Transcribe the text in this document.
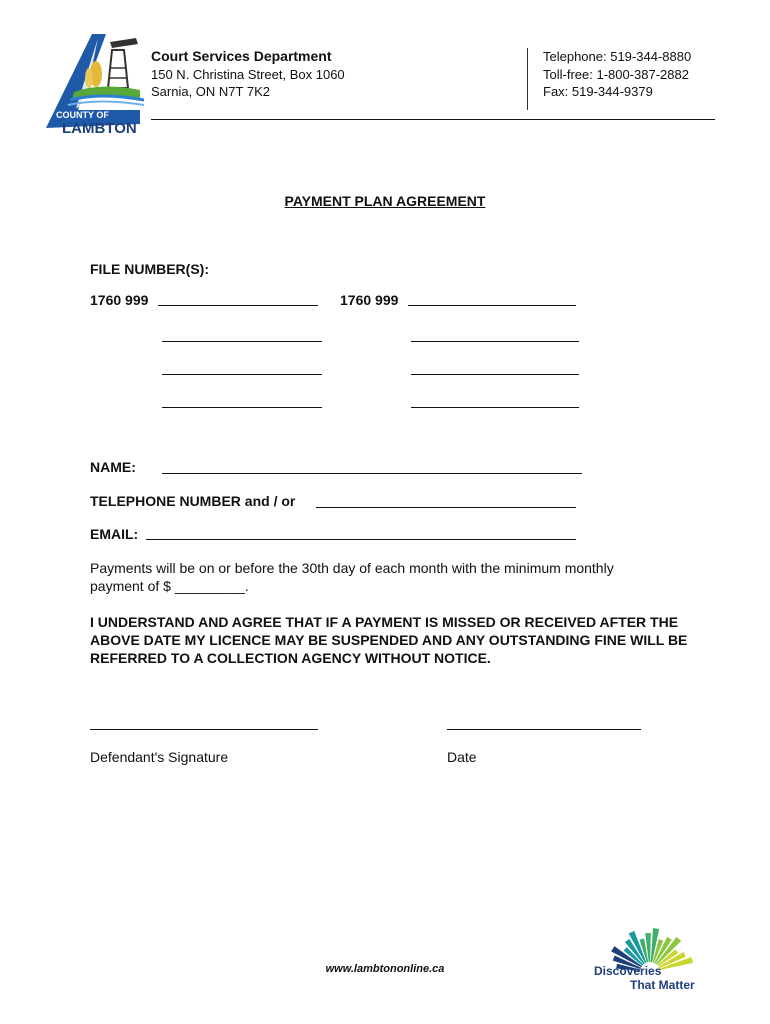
COUNTY OF
LAMBTON
Court Services Department
150 N. Christina Street, Box 1060
Sarnia, ON N7T 7K2
Telephone: 519-344-8880
Toll-free: 1-800-387-2882
Fax: 519-344-9379
PAYMENT PLAN AGREEMENT
FILE NUMBER(S):
1760 999	1760 999
NAME:
TELEPHONE NUMBER and / or
EMAIL:
Payments will be on or before the 30th day of each month with the minimum monthly
payment of $ _________.
I UNDERSTAND AND AGREE THAT IF A PAYMENT IS MISSED OR RECEIVED AFTER THE ABOVE DATE MY LICENCE MAY BE SUSPENDED AND ANY OUTSTANDING FINE WILL BE REFERRED TO A COLLECTION AGENCY WITHOUT NOTICE.
Defendant's Signature	Date
www.lambtononline.ca	Discoveries
That Matter
